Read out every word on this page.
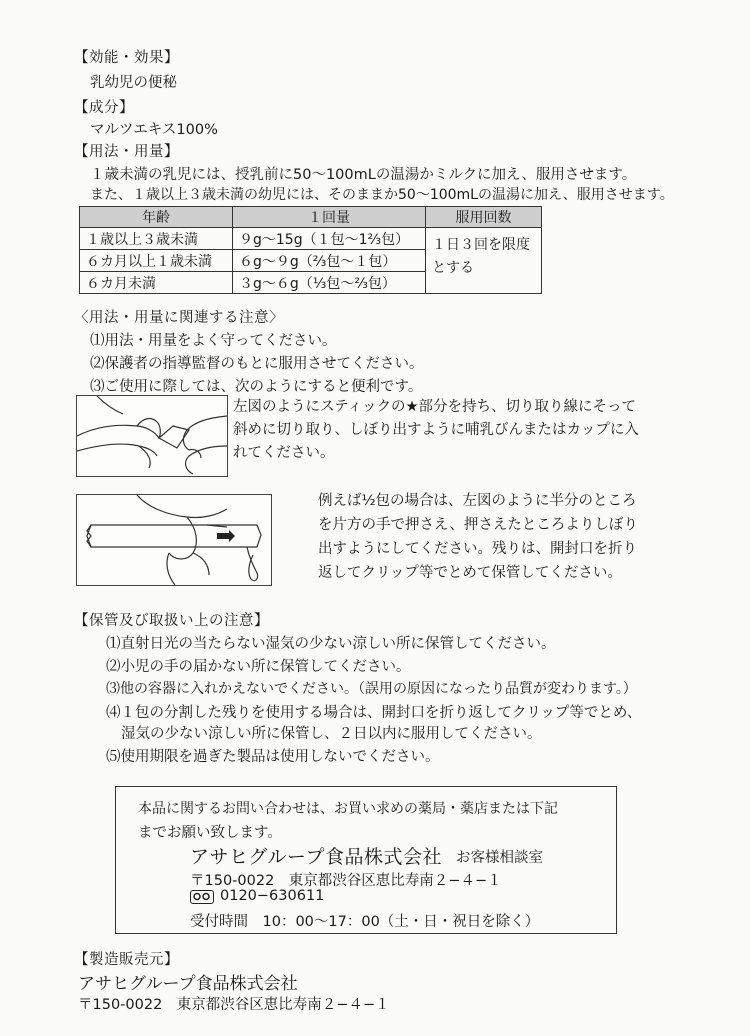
【効能・効果】
乳幼児の便秘
【成分】
マルツエキス100%
【用法・用量】
１歳未満の乳児には、授乳前に50〜100mLの温湯かミルクに加え、服用させます。
また、１歳以上３歳未満の幼児には、そのままか50〜100mLの温湯に加え、服用させます。
年齢	１回量	服用回数
１歳以上３歳未満	９g〜15g（１包〜1⅔包）	１日３回を限度とする
６カ月以上１歳未満	６g〜９g（⅔包〜１包）	
６カ月未満	３g〜６g（⅓包〜⅔包）	
〈用法・用量に関連する注意〉
⑴用法・用量をよく守ってください。
⑵保護者の指導監督のもとに服用させてください。
⑶ご使用に際しては、次のようにすると便利です。
左図のようにスティックの★部分を持ち、切り取り線にそって
斜めに切り取り、しぼり出すように哺乳びんまたはカップに入
れてください。
例えば½包の場合は、左図のように半分のところ
を片方の手で押さえ、押さえたところよりしぼり
出すようにしてください。残りは、開封口を折り
返してクリップ等でとめて保管してください。
【保管及び取扱い上の注意】
⑴直射日光の当たらない湿気の少ない涼しい所に保管してください。
⑵小児の手の届かない所に保管してください。
⑶他の容器に入れかえないでください。（誤用の原因になったり品質が変わります。）
⑷１包の分割した残りを使用する場合は、開封口を折り返してクリップ等でとめ、
湿気の少ない涼しい所に保管し、２日以内に服用してください。
⑸使用期限を過ぎた製品は使用しないでください。
本品に関するお問い合わせは、お買い求めの薬局・薬店または下記
までお願い致します。
アサヒグループ食品株式会社 お客様相談室
〒150-0022　東京都渋谷区恵比寿南２−４−１
0120−630611
受付時間　10：00〜17：00（土・日・祝日を除く）
【製造販売元】
アサヒグループ食品株式会社
〒150-0022　東京都渋谷区恵比寿南２−４−１
